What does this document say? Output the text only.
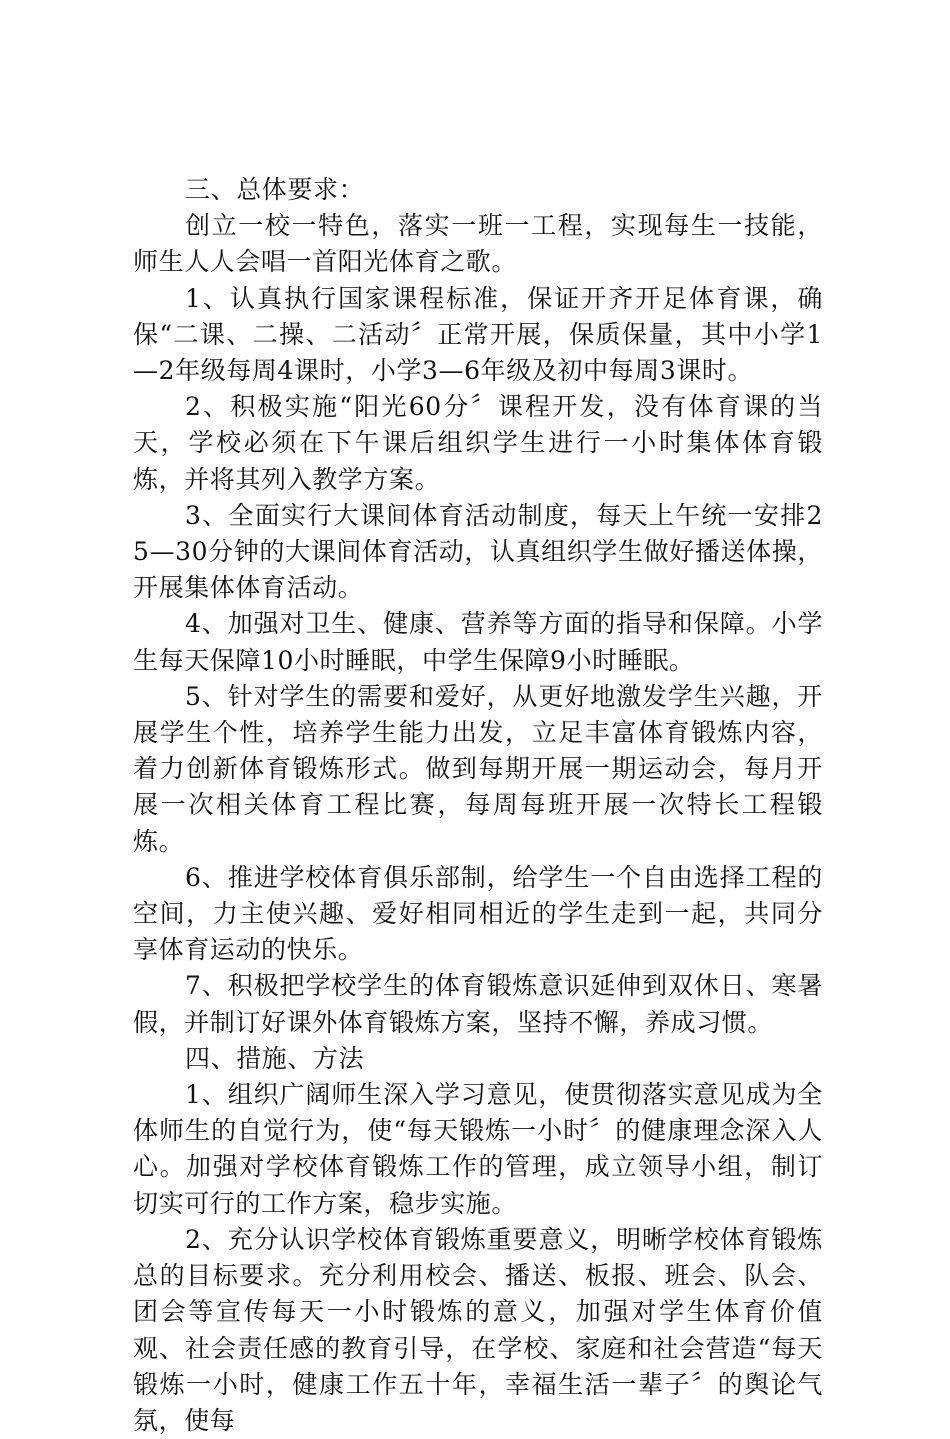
三、总体要求：

创立一校一特色，落实一班一工程，实现每生一技能，师生人人会唱一首阳光体育之歌。

1、认真执行国家课程标准，保证开齐开足体育课，确保“二课、二操、二活动〞正常开展，保质保量，其中小学1—2年级每周4课时，小学3—6年级及初中每周3课时。

2、积极实施“阳光60分〞课程开发，没有体育课的当天，学校必须在下午课后组织学生进行一小时集体体育锻炼，并将其列入教学方案。

3、全面实行大课间体育活动制度，每天上午统一安排25—30分钟的大课间体育活动，认真组织学生做好播送体操，开展集体体育活动。

4、加强对卫生、健康、营养等方面的指导和保障。小学生每天保障10小时睡眠，中学生保障9小时睡眠。

5、针对学生的需要和爱好，从更好地激发学生兴趣，开展学生个性，培养学生能力出发，立足丰富体育锻炼内容，着力创新体育锻炼形式。做到每期开展一期运动会，每月开展一次相关体育工程比赛，每周每班开展一次特长工程锻炼。

6、推进学校体育俱乐部制，给学生一个自由选择工程的空间，力主使兴趣、爱好相同相近的学生走到一起，共同分享体育运动的快乐。

7、积极把学校学生的体育锻炼意识延伸到双休日、寒暑假，并制订好课外体育锻炼方案，坚持不懈，养成习惯。

四、措施、方法

1、组织广阔师生深入学习意见，使贯彻落实意见成为全体师生的自觉行为，使“每天锻炼一小时〞的健康理念深入人心。加强对学校体育锻炼工作的管理，成立领导小组，制订切实可行的工作方案，稳步实施。

2、充分认识学校体育锻炼重要意义，明晰学校体育锻炼总的目标要求。充分利用校会、播送、板报、班会、队会、团会等宣传每天一小时锻炼的意义，加强对学生体育价值观、社会责任感的教育引导，在学校、家庭和社会营造“每天锻炼一小时，健康工作五十年，幸福生活一辈子〞的舆论气氛，使每
